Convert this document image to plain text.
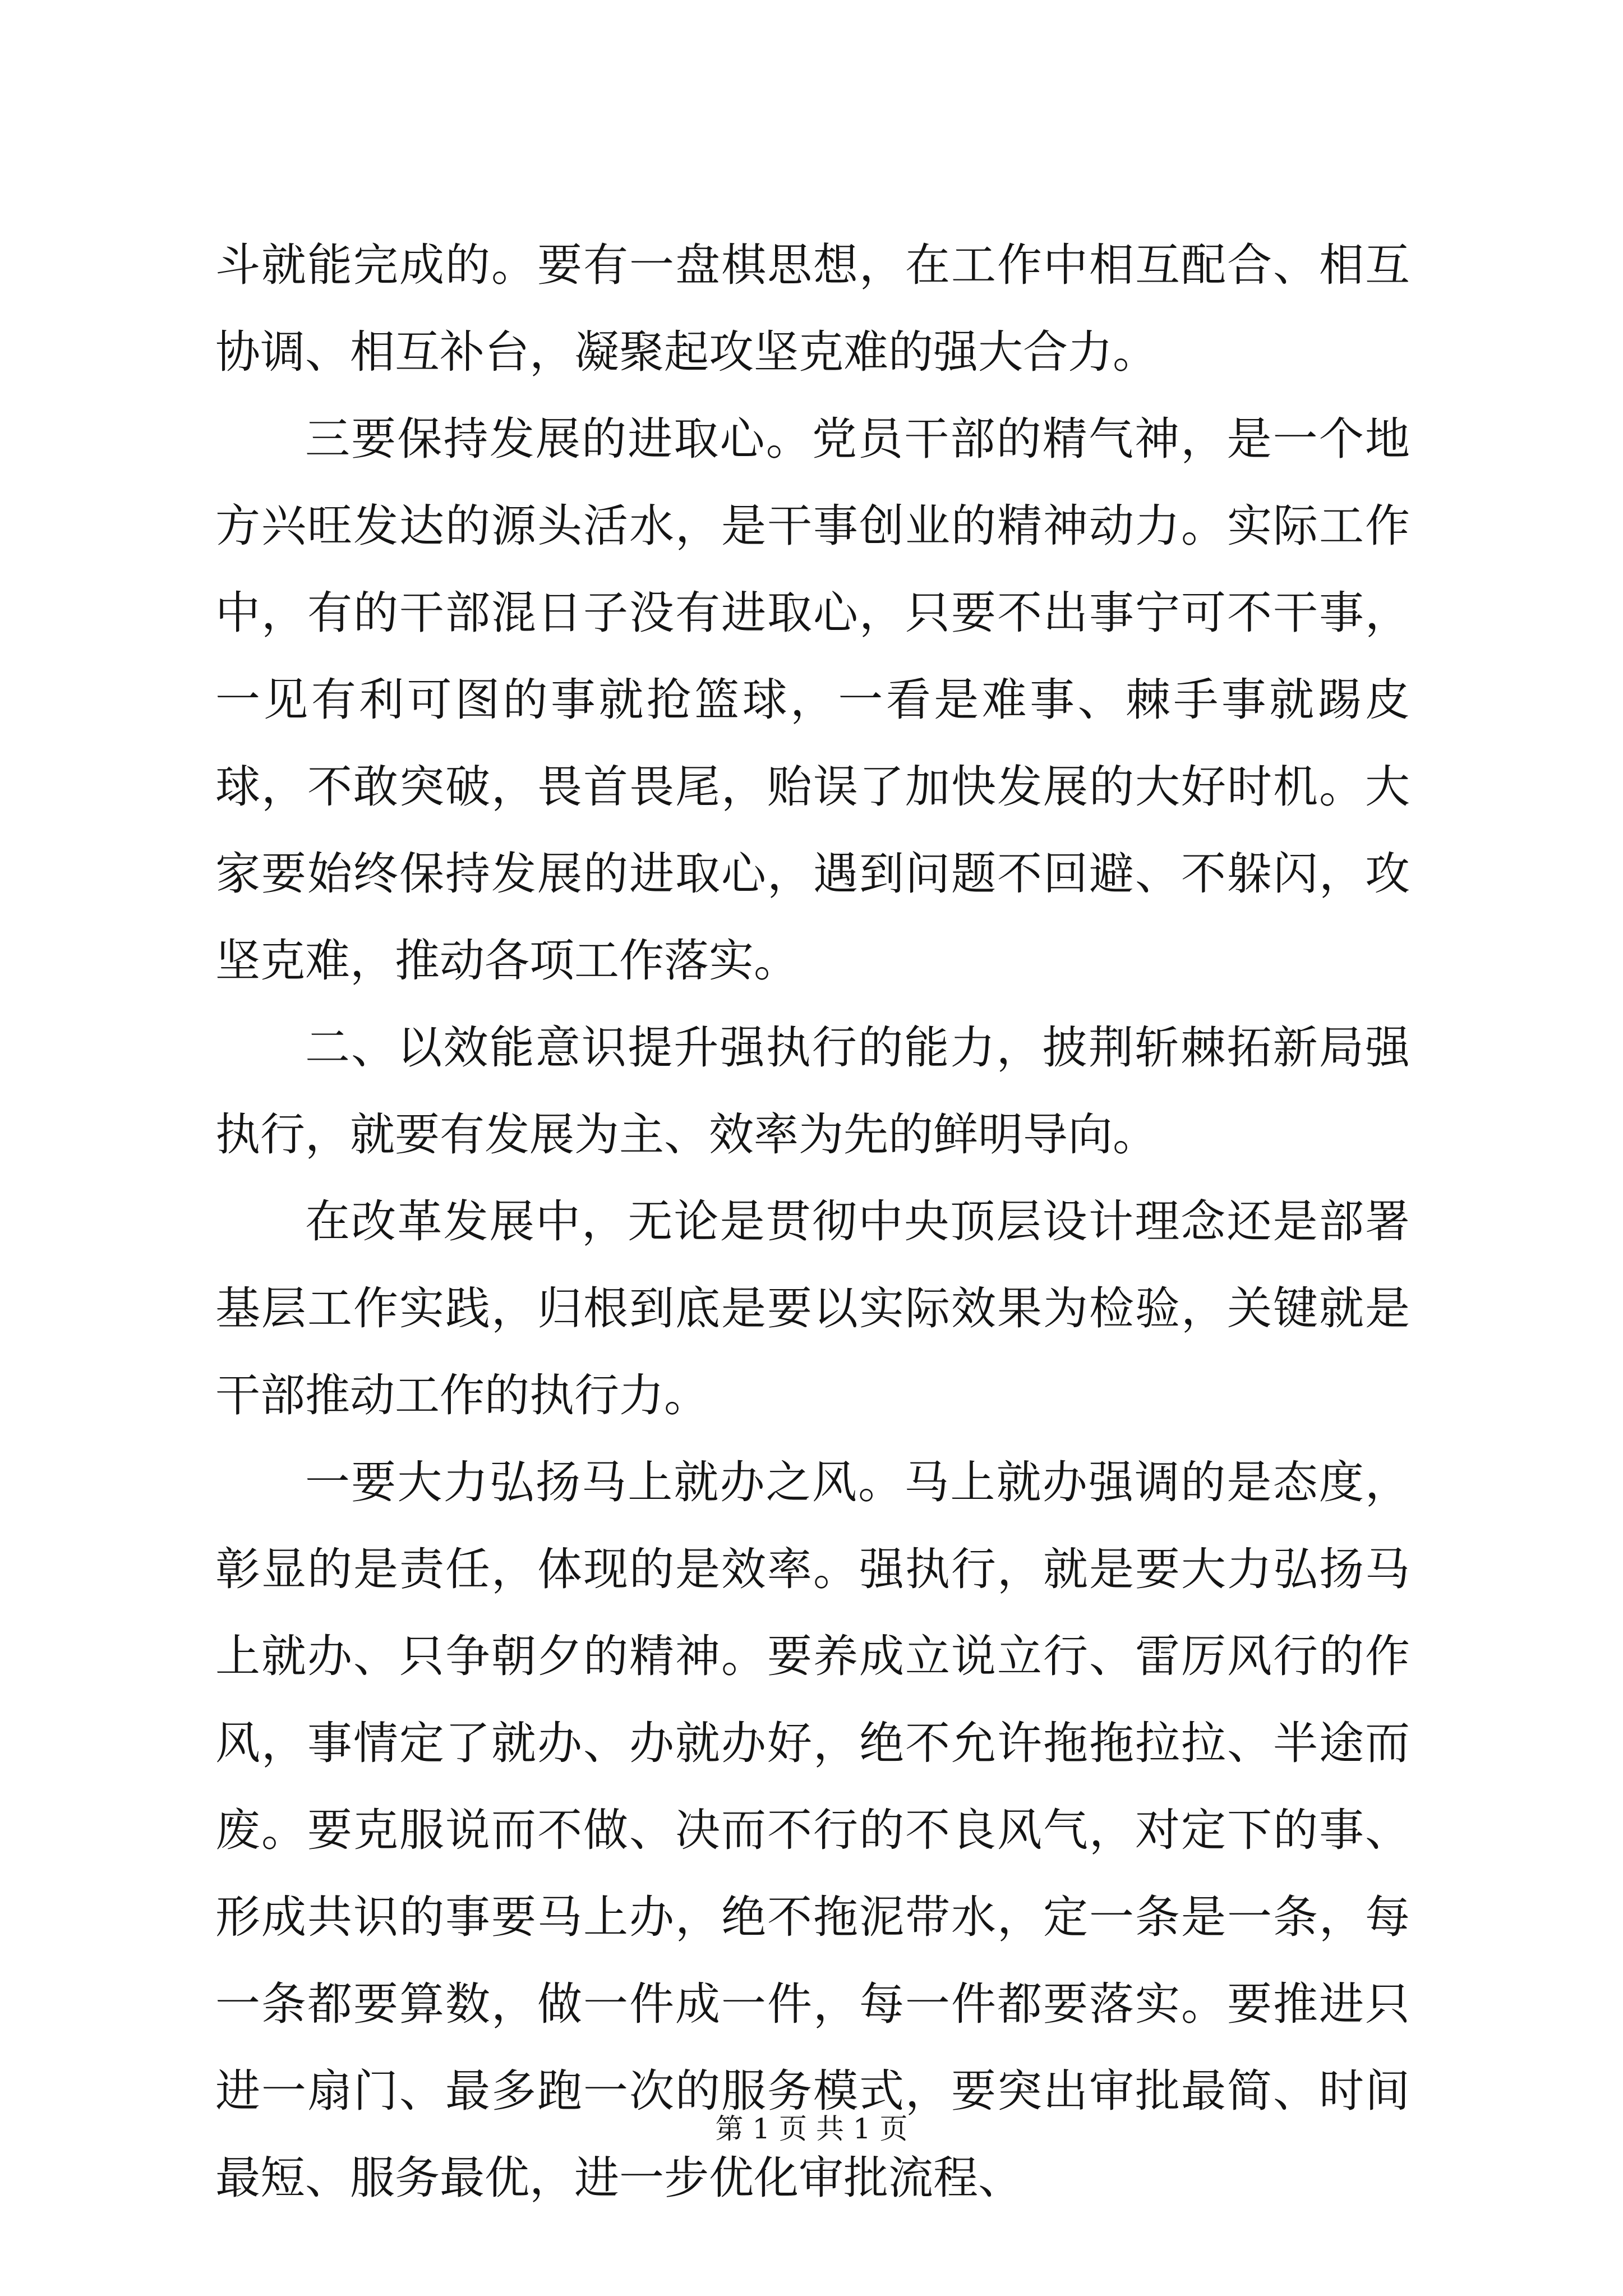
斗就能完成的。要有一盘棋思想，在工作中相互配合、相互协调、相互补台，凝聚起攻坚克难的强大合力。

三要保持发展的进取心。党员干部的精气神，是一个地方兴旺发达的源头活水，是干事创业的精神动力。实际工作中，有的干部混日子没有进取心，只要不出事宁可不干事，一见有利可图的事就抢篮球，一看是难事、棘手事就踢皮球，不敢突破，畏首畏尾，贻误了加快发展的大好时机。大家要始终保持发展的进取心，遇到问题不回避、不躲闪，攻坚克难，推动各项工作落实。

二、以效能意识提升强执行的能力，披荆斩棘拓新局强执行，就要有发展为主、效率为先的鲜明导向。

在改革发展中，无论是贯彻中央顶层设计理念还是部署基层工作实践，归根到底是要以实际效果为检验，关键就是干部推动工作的执行力。

一要大力弘扬马上就办之风。马上就办强调的是态度，彰显的是责任，体现的是效率。强执行，就是要大力弘扬马上就办、只争朝夕的精神。要养成立说立行、雷厉风行的作风，事情定了就办、办就办好，绝不允许拖拖拉拉、半途而废。要克服说而不做、决而不行的不良风气，对定下的事、形成共识的事要马上办，绝不拖泥带水，定一条是一条，每一条都要算数，做一件成一件，每一件都要落实。要推进只进一扇门、最多跑一次的服务模式，要突出审批最简、时间最短、服务最优，进一步优化审批流程、

第 1 页 共 1 页
